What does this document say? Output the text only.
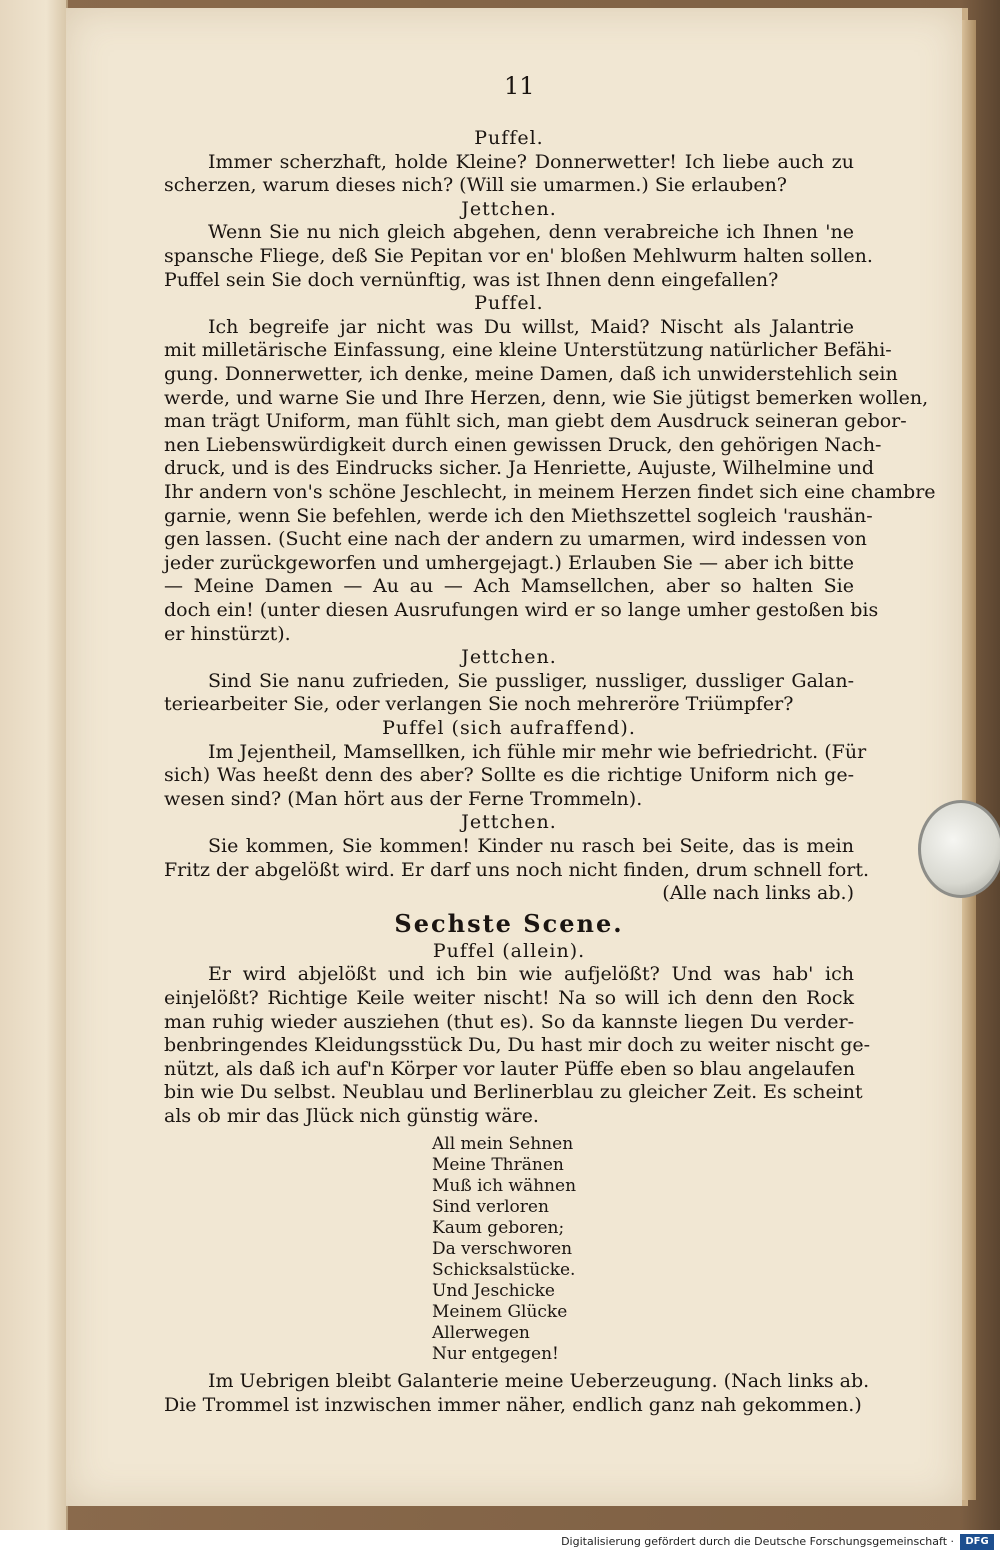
11
Puffel.
Immer scherzhaft, holde Kleine? Donnerwetter! Ich liebe auch zu
scherzen, warum dieses nich? (Will sie umarmen.) Sie erlauben?
Jettchen.
Wenn Sie nu nich gleich abgehen, denn verabreiche ich Ihnen 'ne
spansche Fliege, deß Sie Pepitan vor en' bloßen Mehlwurm halten sollen.
Puffel sein Sie doch vernünftig, was ist Ihnen denn eingefallen?
Puffel.
Ich begreife jar nicht was Du willst, Maid? Nischt als Jalantrie
mit milletärische Einfassung, eine kleine Unterstützung natürlicher Befähi-
gung. Donnerwetter, ich denke, meine Damen, daß ich unwiderstehlich sein
werde, und warne Sie und Ihre Herzen, denn, wie Sie jütigst bemerken wollen,
man trägt Uniform, man fühlt sich, man giebt dem Ausdruck seineran gebor-
nen Liebenswürdigkeit durch einen gewissen Druck, den gehörigen Nach-
druck, und is des Eindrucks sicher. Ja Henriette, Aujuste, Wilhelmine und
Ihr andern von's schöne Jeschlecht, in meinem Herzen findet sich eine chambre
garnie, wenn Sie befehlen, werde ich den Miethszettel sogleich 'raushän-
gen lassen. (Sucht eine nach der andern zu umarmen, wird indessen von
jeder zurückgeworfen und umhergejagt.) Erlauben Sie — aber ich bitte
— Meine Damen — Au au — Ach Mamsellchen, aber so halten Sie
doch ein! (unter diesen Ausrufungen wird er so lange umher gestoßen bis
er hinstürzt).
Jettchen.
Sind Sie nanu zufrieden, Sie pussliger, nussliger, dussliger Galan-
teriearbeiter Sie, oder verlangen Sie noch mehreröre Triümpfer?
Puffel (sich aufraffend).
Im Jejentheil, Mamsellken, ich fühle mir mehr wie befriedricht. (Für
sich) Was heeßt denn des aber? Sollte es die richtige Uniform nich ge-
wesen sind? (Man hört aus der Ferne Trommeln).
Jettchen.
Sie kommen, Sie kommen! Kinder nu rasch bei Seite, das is mein
Fritz der abgelößt wird. Er darf uns noch nicht finden, drum schnell fort.
(Alle nach links ab.)
Sechste Scene.
Puffel (allein).
Er wird abjelößt und ich bin wie aufjelößt? Und was hab' ich
einjelößt? Richtige Keile weiter nischt! Na so will ich denn den Rock
man ruhig wieder ausziehen (thut es). So da kannste liegen Du verder-
benbringendes Kleidungsstück Du, Du hast mir doch zu weiter nischt ge-
nützt, als daß ich auf'n Körper vor lauter Püffe eben so blau angelaufen
bin wie Du selbst. Neublau und Berlinerblau zu gleicher Zeit. Es scheint
als ob mir das Jlück nich günstig wäre.
All mein Sehnen
Meine Thränen
Muß ich wähnen
Sind verloren
Kaum geboren;
Da verschworen
Schicksalstücke.
Und Jeschicke
Meinem Glücke
Allerwegen
Nur entgegen!
Im Uebrigen bleibt Galanterie meine Ueberzeugung. (Nach links ab.
Die Trommel ist inzwischen immer näher, endlich ganz nah gekommen.)
Digitalisierung gefördert durch die Deutsche Forschungsgemeinschaft ·	DFG
